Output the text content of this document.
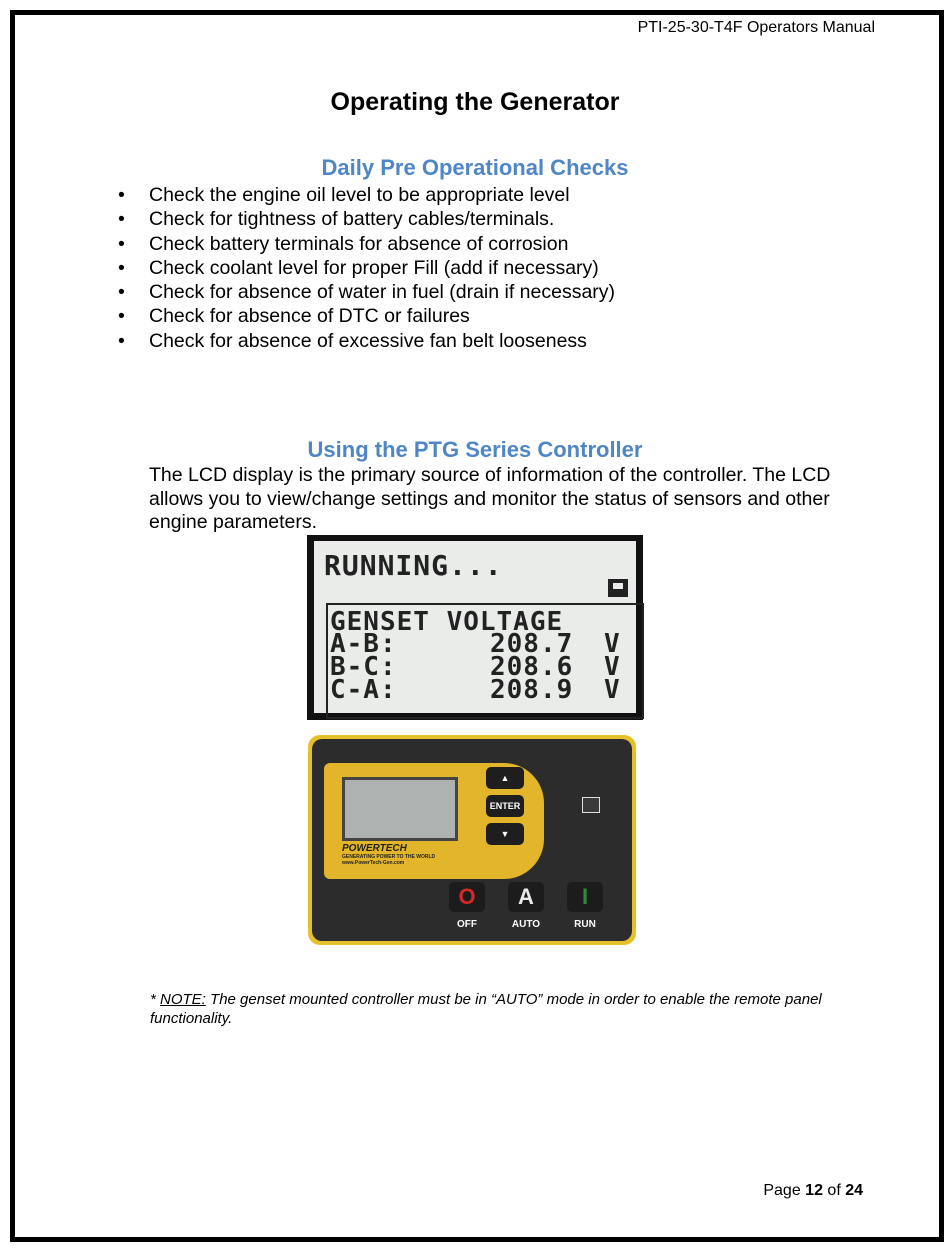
PTI-25-30-T4F Operators Manual
Operating the Generator
Daily Pre Operational Checks
• Check the engine oil level to be appropriate level
• Check for tightness of battery cables/terminals.
• Check battery terminals for absence of corrosion
• Check coolant level for proper Fill (add if necessary)
• Check for absence of water in fuel (drain if necessary)
• Check for absence of DTC or failures
• Check for absence of excessive fan belt looseness
Using the PTG Series Controller
The LCD display is the primary source of information of the controller. The LCD allows you to view/change settings and monitor the status of sensors and other engine parameters.
RUNNING...
GENSET VOLTAGE
A-B:	208.7 V
B-C:	208.6 V
C-A:	208.9 V
▲
ENTER
▼
POWERTECH
GENERATING POWER TO THE WORLD
www.PowerTech-Gen.com
O
OFF
A
AUTO
I
RUN
* NOTE: The genset mounted controller must be in “AUTO” mode in order to enable the remote panel functionality.
Page 12 of 24
